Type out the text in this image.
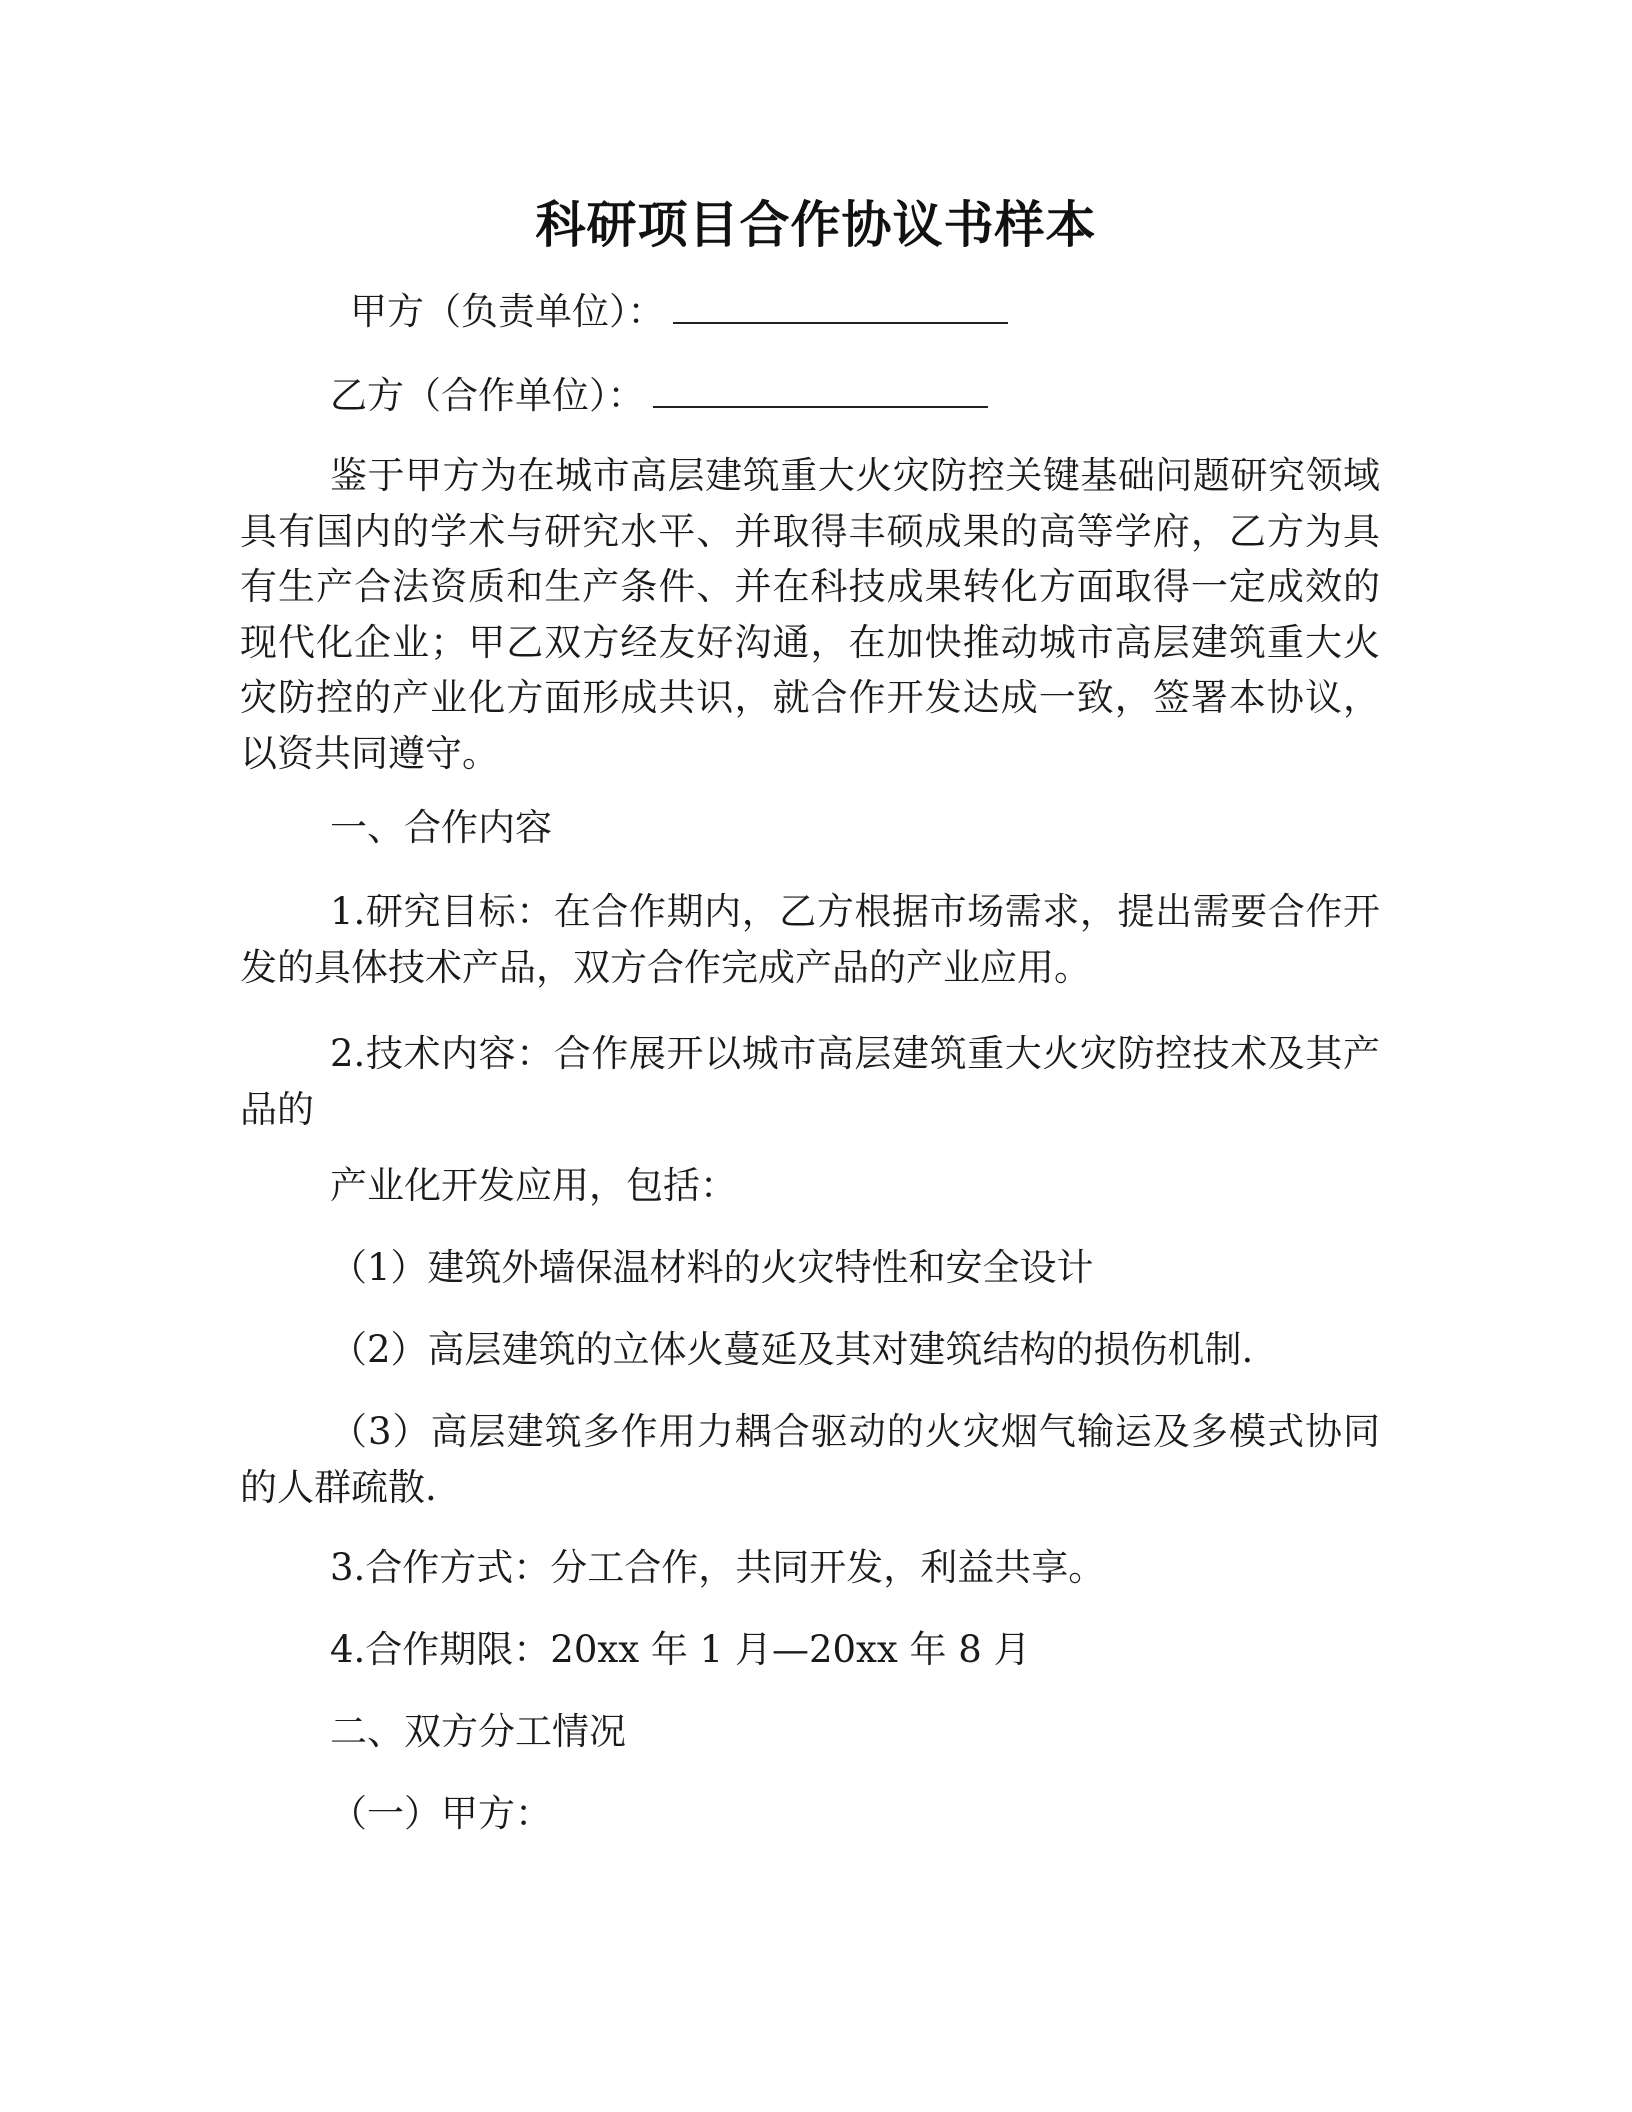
科研项目合作协议书样本
甲方（负责单位）：
乙方（合作单位）：
鉴于甲方为在城市高层建筑重大火灾防控关键基础问题研究领域具有国内的学术与研究水平、并取得丰硕成果的高等学府，乙方为具有生产合法资质和生产条件、并在科技成果转化方面取得一定成效的现代化企业；甲乙双方经友好沟通，在加快推动城市高层建筑重大火灾防控的产业化方面形成共识，就合作开发达成一致，签署本协议，以资共同遵守。
一、合作内容
1.研究目标：在合作期内，乙方根据市场需求，提出需要合作开发的具体技术产品，双方合作完成产品的产业应用。
2.技术内容：合作展开以城市高层建筑重大火灾防控技术及其产品的
产业化开发应用，包括：
（1）建筑外墙保温材料的火灾特性和安全设计
（2）高层建筑的立体火蔓延及其对建筑结构的损伤机制.
（3）高层建筑多作用力耦合驱动的火灾烟气输运及多模式协同的人群疏散.
3.合作方式：分工合作，共同开发，利益共享。
4.合作期限：20xx 年 1 月—20xx 年 8 月
二、双方分工情况
（一）甲方：
